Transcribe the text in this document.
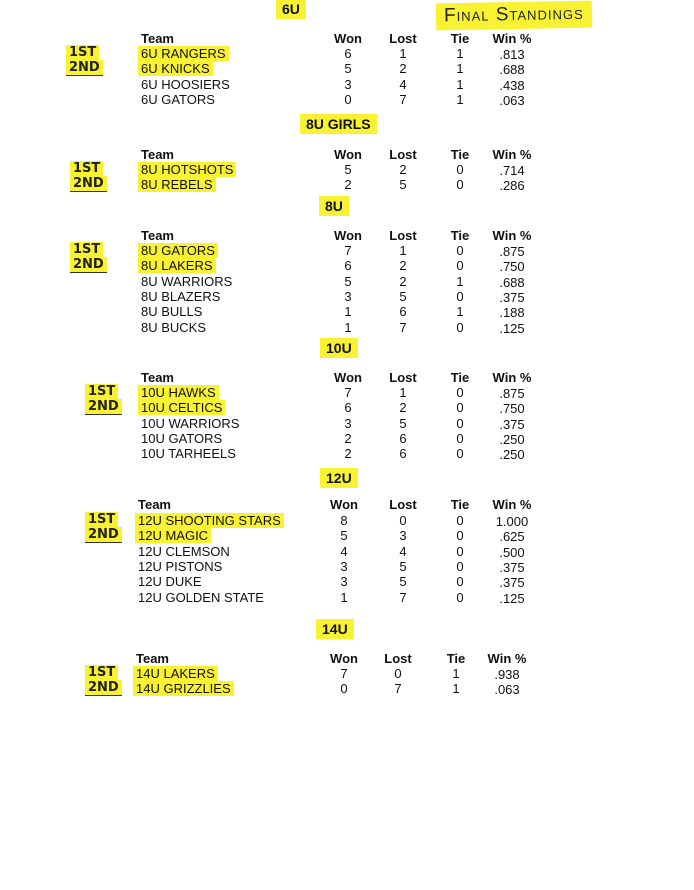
Final Standings
6U
Team	Won	Lost	Tie	Win %
6U RANGERS	6	1	1	.813
1ST
6U KNICKS	5	2	1	.688
2ND
6U HOOSIERS	3	4	1	.438
6U GATORS	0	7	1	.063
8U GIRLS
Team	Won	Lost	Tie	Win %
8U HOTSHOTS	5	2	0	.714
1ST
8U REBELS	2	5	0	.286
2ND
8U
Team	Won	Lost	Tie	Win %
8U GATORS	7	1	0	.875
1ST
8U LAKERS	6	2	0	.750
2ND
8U WARRIORS	5	2	1	.688
8U BLAZERS	3	5	0	.375
8U BULLS	1	6	1	.188
8U BUCKS	1	7	0	.125
10U
Team	Won	Lost	Tie	Win %
10U HAWKS	7	1	0	.875
1ST
10U CELTICS	6	2	0	.750
2ND
10U WARRIORS	3	5	0	.375
10U GATORS	2	6	0	.250
10U TARHEELS	2	6	0	.250
12U
Team	Won	Lost	Tie	Win %
12U SHOOTING STARS	8	0	0	1.000
1ST
12U MAGIC	5	3	0	.625
2ND
12U CLEMSON	4	4	0	.500
12U PISTONS	3	5	0	.375
12U DUKE	3	5	0	.375
12U GOLDEN STATE	1	7	0	.125
14U
Team	Won	Lost	Tie	Win %
14U LAKERS	7	0	1	.938
1ST
14U GRIZZLIES	0	7	1	.063
2ND
